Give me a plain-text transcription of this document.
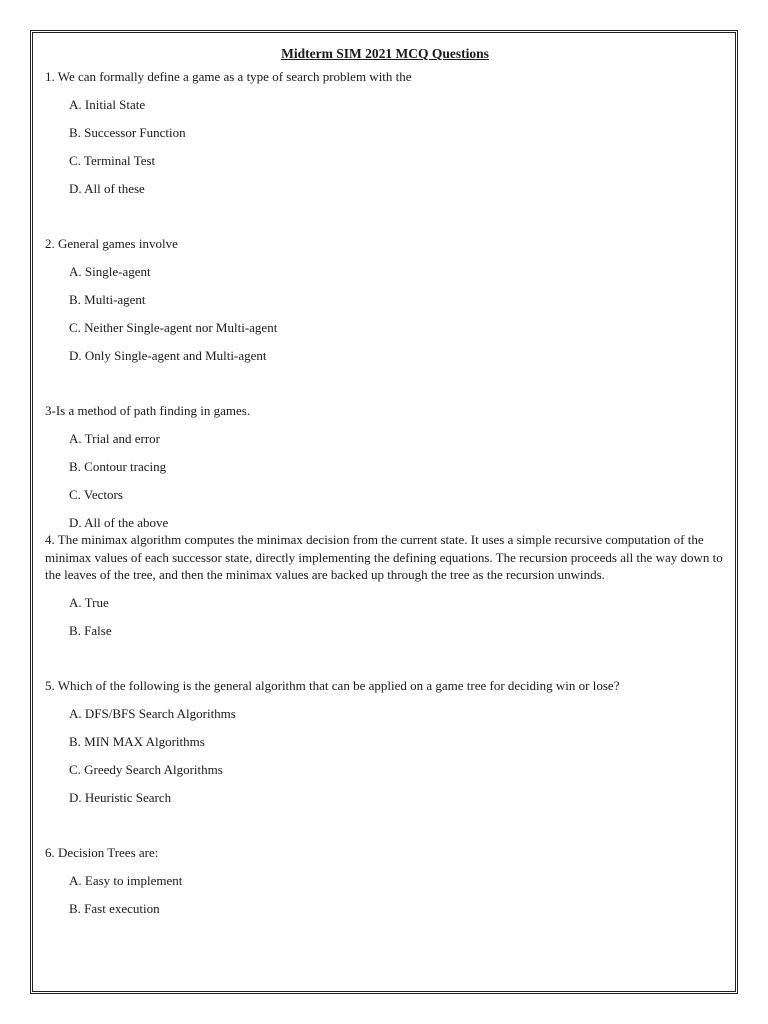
Midterm SIM 2021 MCQ Questions

1. We can formally define a game as a type of search problem with the

A. Initial State
B. Successor Function
C. Terminal Test
D. All of these

2. General games involve

A. Single-agent
B. Multi-agent
C. Neither Single-agent nor Multi-agent
D. Only Single-agent and Multi-agent

3-Is a method of path finding in games.

A. Trial and error
B. Contour tracing
C. Vectors
D. All of the above

4. The minimax algorithm computes the minimax decision from the current state. It uses a simple recursive computation of the minimax values of each successor state, directly implementing the defining equations. The recursion proceeds all the way down to the leaves of the tree, and then the minimax values are backed up through the tree as the recursion unwinds.

A. True
B. False

5. Which of the following is the general algorithm that can be applied on a game tree for deciding win or lose?

A. DFS/BFS Search Algorithms
B. MIN MAX Algorithms
C. Greedy Search Algorithms
D. Heuristic Search

6. Decision Trees are:

A. Easy to implement
B. Fast execution
